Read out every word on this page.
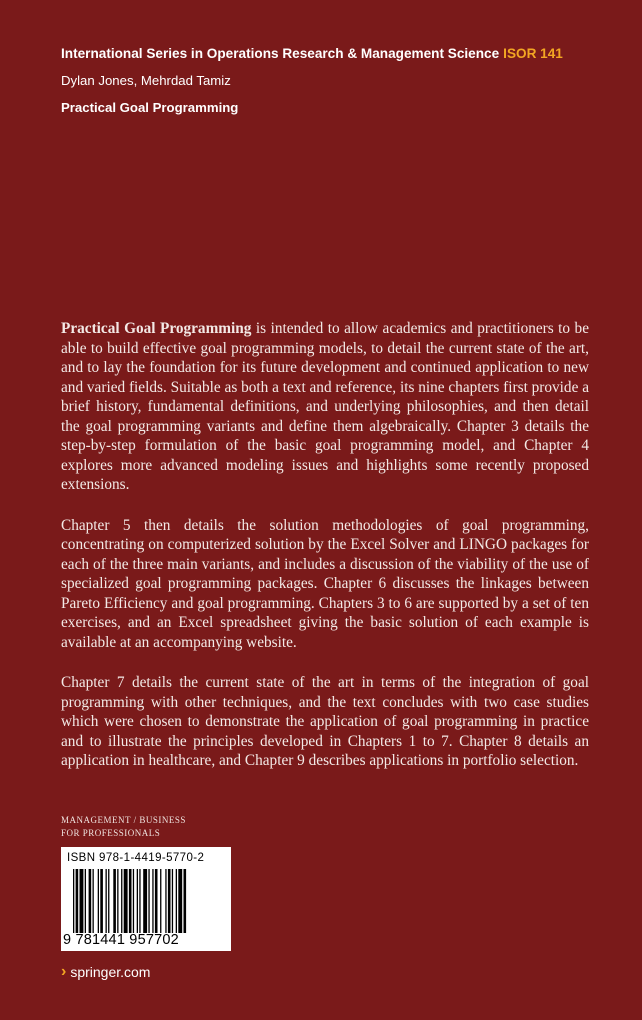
International Series in Operations Research & Management Science ISOR 141
Dylan Jones, Mehrdad Tamiz
Practical Goal Programming

Practical Goal Programming is intended to allow academics and practitioners to be able to build effective goal programming models, to detail the current state of the art, and to lay the foundation for its future development and continued application to new and varied fields. Suitable as both a text and reference, its nine chapters first provide a brief history, fundamental definitions, and underlying philosophies, and then detail the goal programming variants and define them algebraically. Chapter 3 details the step-by-step formulation of the basic goal programming model, and Chapter 4 explores more advanced modeling issues and highlights some recently proposed extensions.

Chapter 5 then details the solution methodologies of goal programming, concentrating on computerized solution by the Excel Solver and LINGO packages for each of the three main variants, and includes a discussion of the viability of the use of specialized goal programming packages. Chapter 6 discusses the linkages between Pareto Efficiency and goal programming. Chapters 3 to 6 are supported by a set of ten exercises, and an Excel spreadsheet giving the basic solution of each example is available at an accompanying website.

Chapter 7 details the current state of the art in terms of the integration of goal programming with other techniques, and the text concludes with two case studies which were chosen to demonstrate the application of goal programming in practice and to illustrate the principles developed in Chapters 1 to 7. Chapter 8 details an application in healthcare, and Chapter 9 describes applications in portfolio selection.

MANAGEMENT / BUSINESS
FOR PROFESSIONALS
ISBN 978-1-4419-5770-2
9 781441 957702
› springer.com
